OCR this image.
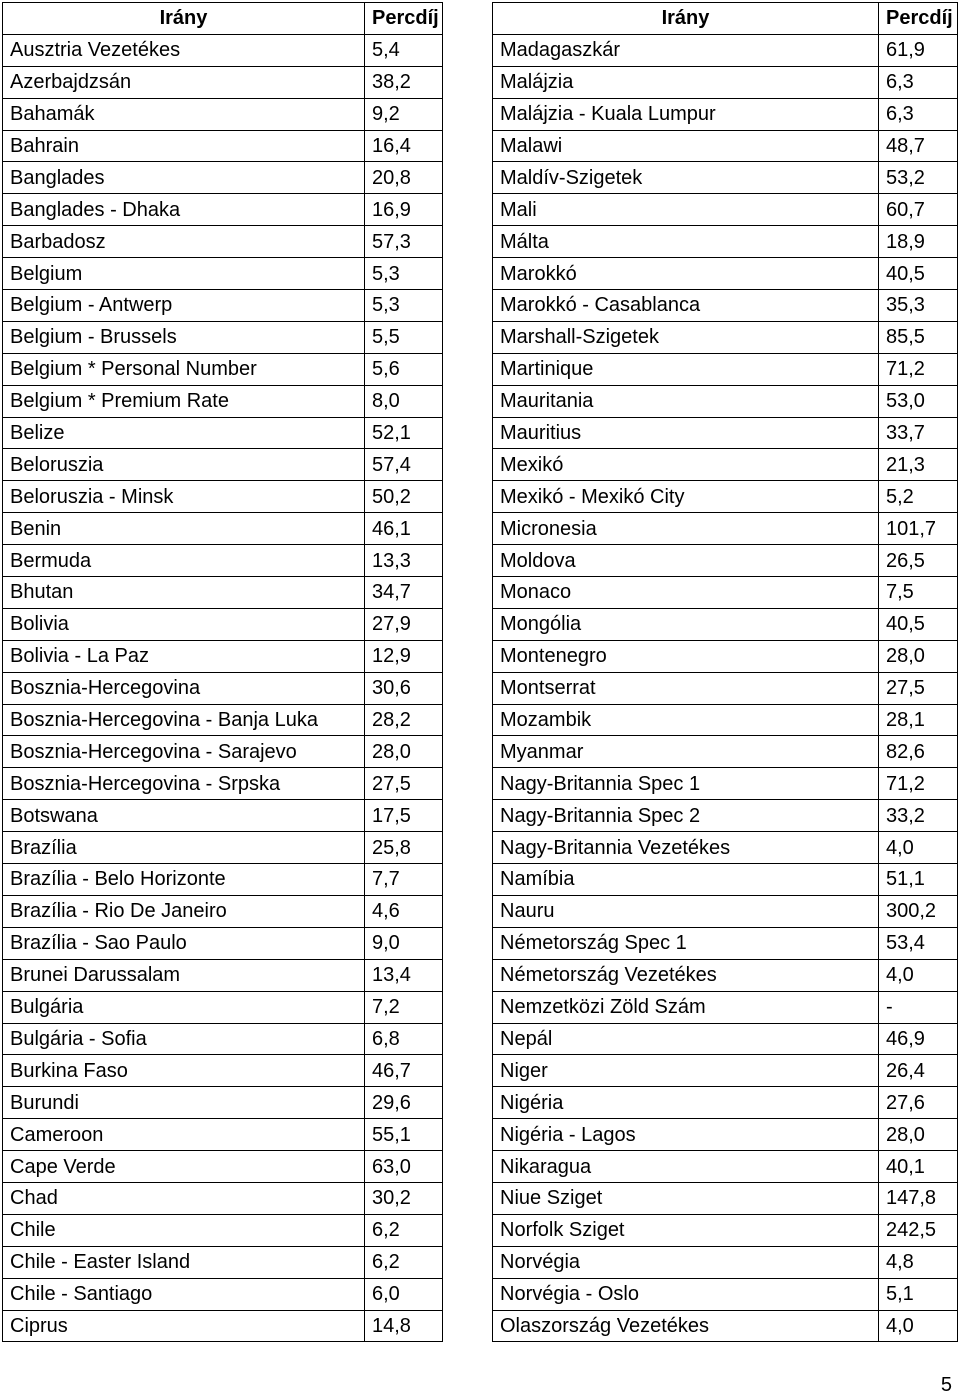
Irány	Percdíj
Ausztria Vezetékes	5,4
Azerbajdzsán	38,2
Bahamák	9,2
Bahrain	16,4
Banglades	20,8
Banglades - Dhaka	16,9
Barbadosz	57,3
Belgium	5,3
Belgium - Antwerp	5,3
Belgium - Brussels	5,5
Belgium * Personal Number	5,6
Belgium * Premium Rate	8,0
Belize	52,1
Beloruszia	57,4
Beloruszia - Minsk	50,2
Benin	46,1
Bermuda	13,3
Bhutan	34,7
Bolivia	27,9
Bolivia - La Paz	12,9
Bosznia-Hercegovina	30,6
Bosznia-Hercegovina - Banja Luka	28,2
Bosznia-Hercegovina - Sarajevo	28,0
Bosznia-Hercegovina - Srpska	27,5
Botswana	17,5
Brazília	25,8
Brazília - Belo Horizonte	7,7
Brazília - Rio De Janeiro	4,6
Brazília - Sao Paulo	9,0
Brunei Darussalam	13,4
Bulgária	7,2
Bulgária - Sofia	6,8
Burkina Faso	46,7
Burundi	29,6
Cameroon	55,1
Cape Verde	63,0
Chad	30,2
Chile	6,2
Chile - Easter Island	6,2
Chile - Santiago	6,0
Ciprus	14,8
Irány	Percdíj
Madagaszkár	61,9
Malájzia	6,3
Malájzia - Kuala Lumpur	6,3
Malawi	48,7
Maldív-Szigetek	53,2
Mali	60,7
Málta	18,9
Marokkó	40,5
Marokkó - Casablanca	35,3
Marshall-Szigetek	85,5
Martinique	71,2
Mauritania	53,0
Mauritius	33,7
Mexikó	21,3
Mexikó - Mexikó City	5,2
Micronesia	101,7
Moldova	26,5
Monaco	7,5
Mongólia	40,5
Montenegro	28,0
Montserrat	27,5
Mozambik	28,1
Myanmar	82,6
Nagy-Britannia Spec 1	71,2
Nagy-Britannia Spec 2	33,2
Nagy-Britannia Vezetékes	4,0
Namíbia	51,1
Nauru	300,2
Németország Spec 1	53,4
Németország Vezetékes	4,0
Nemzetközi Zöld Szám	-
Nepál	46,9
Niger	26,4
Nigéria	27,6
Nigéria - Lagos	28,0
Nikaragua	40,1
Niue Sziget	147,8
Norfolk Sziget	242,5
Norvégia	4,8
Norvégia - Oslo	5,1
Olaszország Vezetékes	4,0
5
